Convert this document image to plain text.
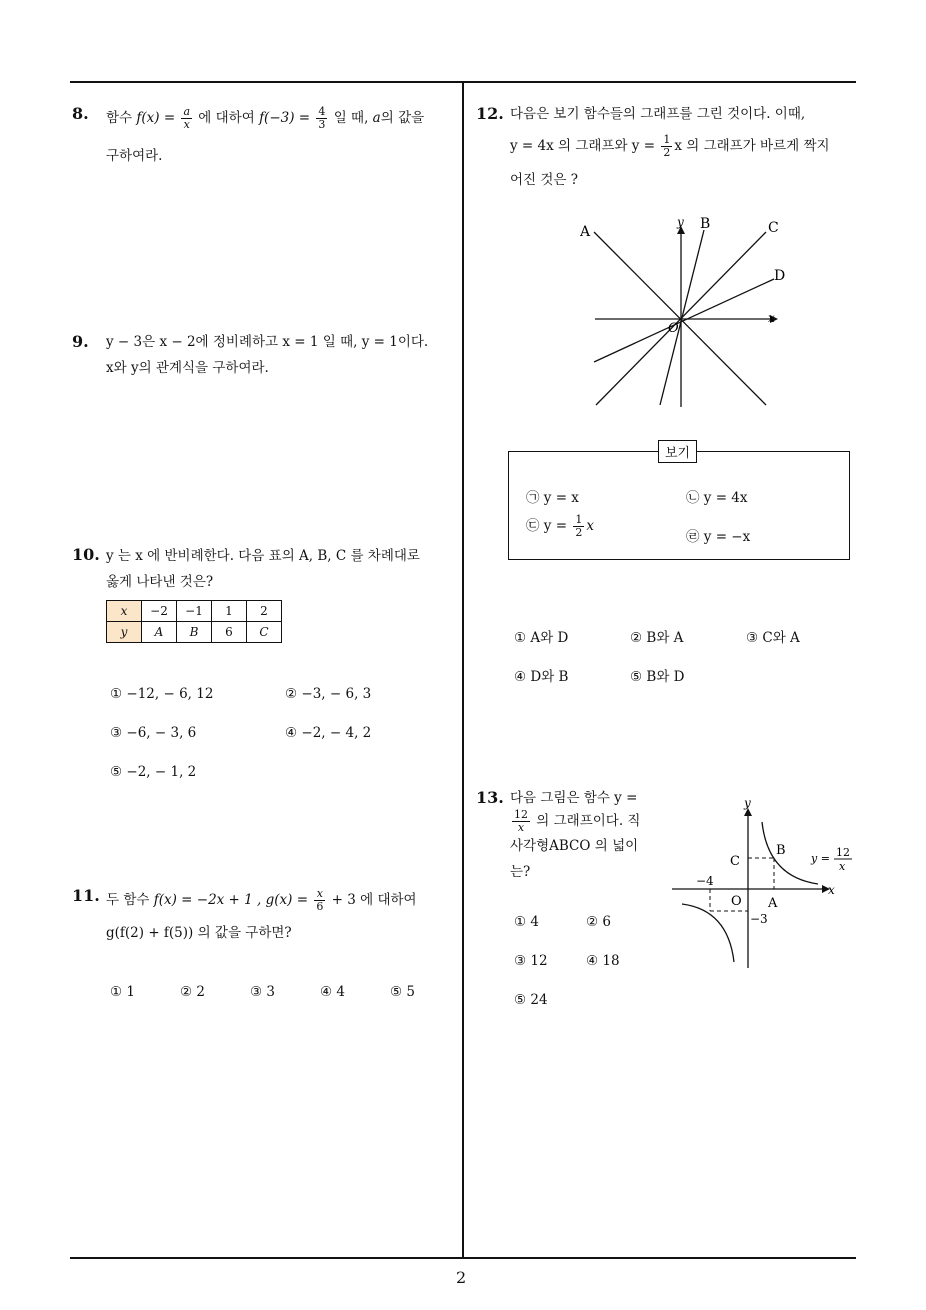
8. 함수 $f(x) = \frac{a}{x}$ 에 대하여 $f(-3) = \frac{4}{3}$ 일 때, a의 값을
구하여라.
9. y − 3은 x − 2에 정비례하고 x = 1 일 때, y = 1이다.
x와 y의 관계식을 구하여라.
10. y 는 x 에 반비례한다. 다음 표의 A, B, C 를 차례대로
옳게 나타낸 것은?
x	−2	−1	1	2
y	A	B	6	C
① −12, − 6, 12	② −3, − 6, 3
③ −6, − 3, 6	④ −2, − 4, 2
⑤ −2, − 1, 2
11. 두 함수 f(x) = −2x + 1 , $g(x) = \frac{x}{6} + 3$ 에 대하여
g(f(2) + f(5)) 의 값을 구하면?
① 1	② 2	③ 3	④ 4	⑤ 5
12. 다음은 보기 함수들의 그래프를 그린 것이다. 이때,
y = 4x 의 그래프와 $y = \frac{1}{2}$ x 의 그래프가 바르게 짝지
어진 것은 ?
A	B	C
D
y
x
O
보기
㉠ y = x	㉡ y = 4x
㉢ $y = \frac{1}{2}$ x
㉣ y = −x
① A와 D	② B와 A	③ C와 A
④ D와 B	⑤ B와 D
13. 다음 그림은 함수 y =
$\frac{12}{x}$ 의 그래프이다. 직
사각형ABCO 의 넓이
는?
y
x
B
C
O A
−4
−3
y = 12
x
① 4	② 6
③ 12	④ 18
⑤ 24
2
